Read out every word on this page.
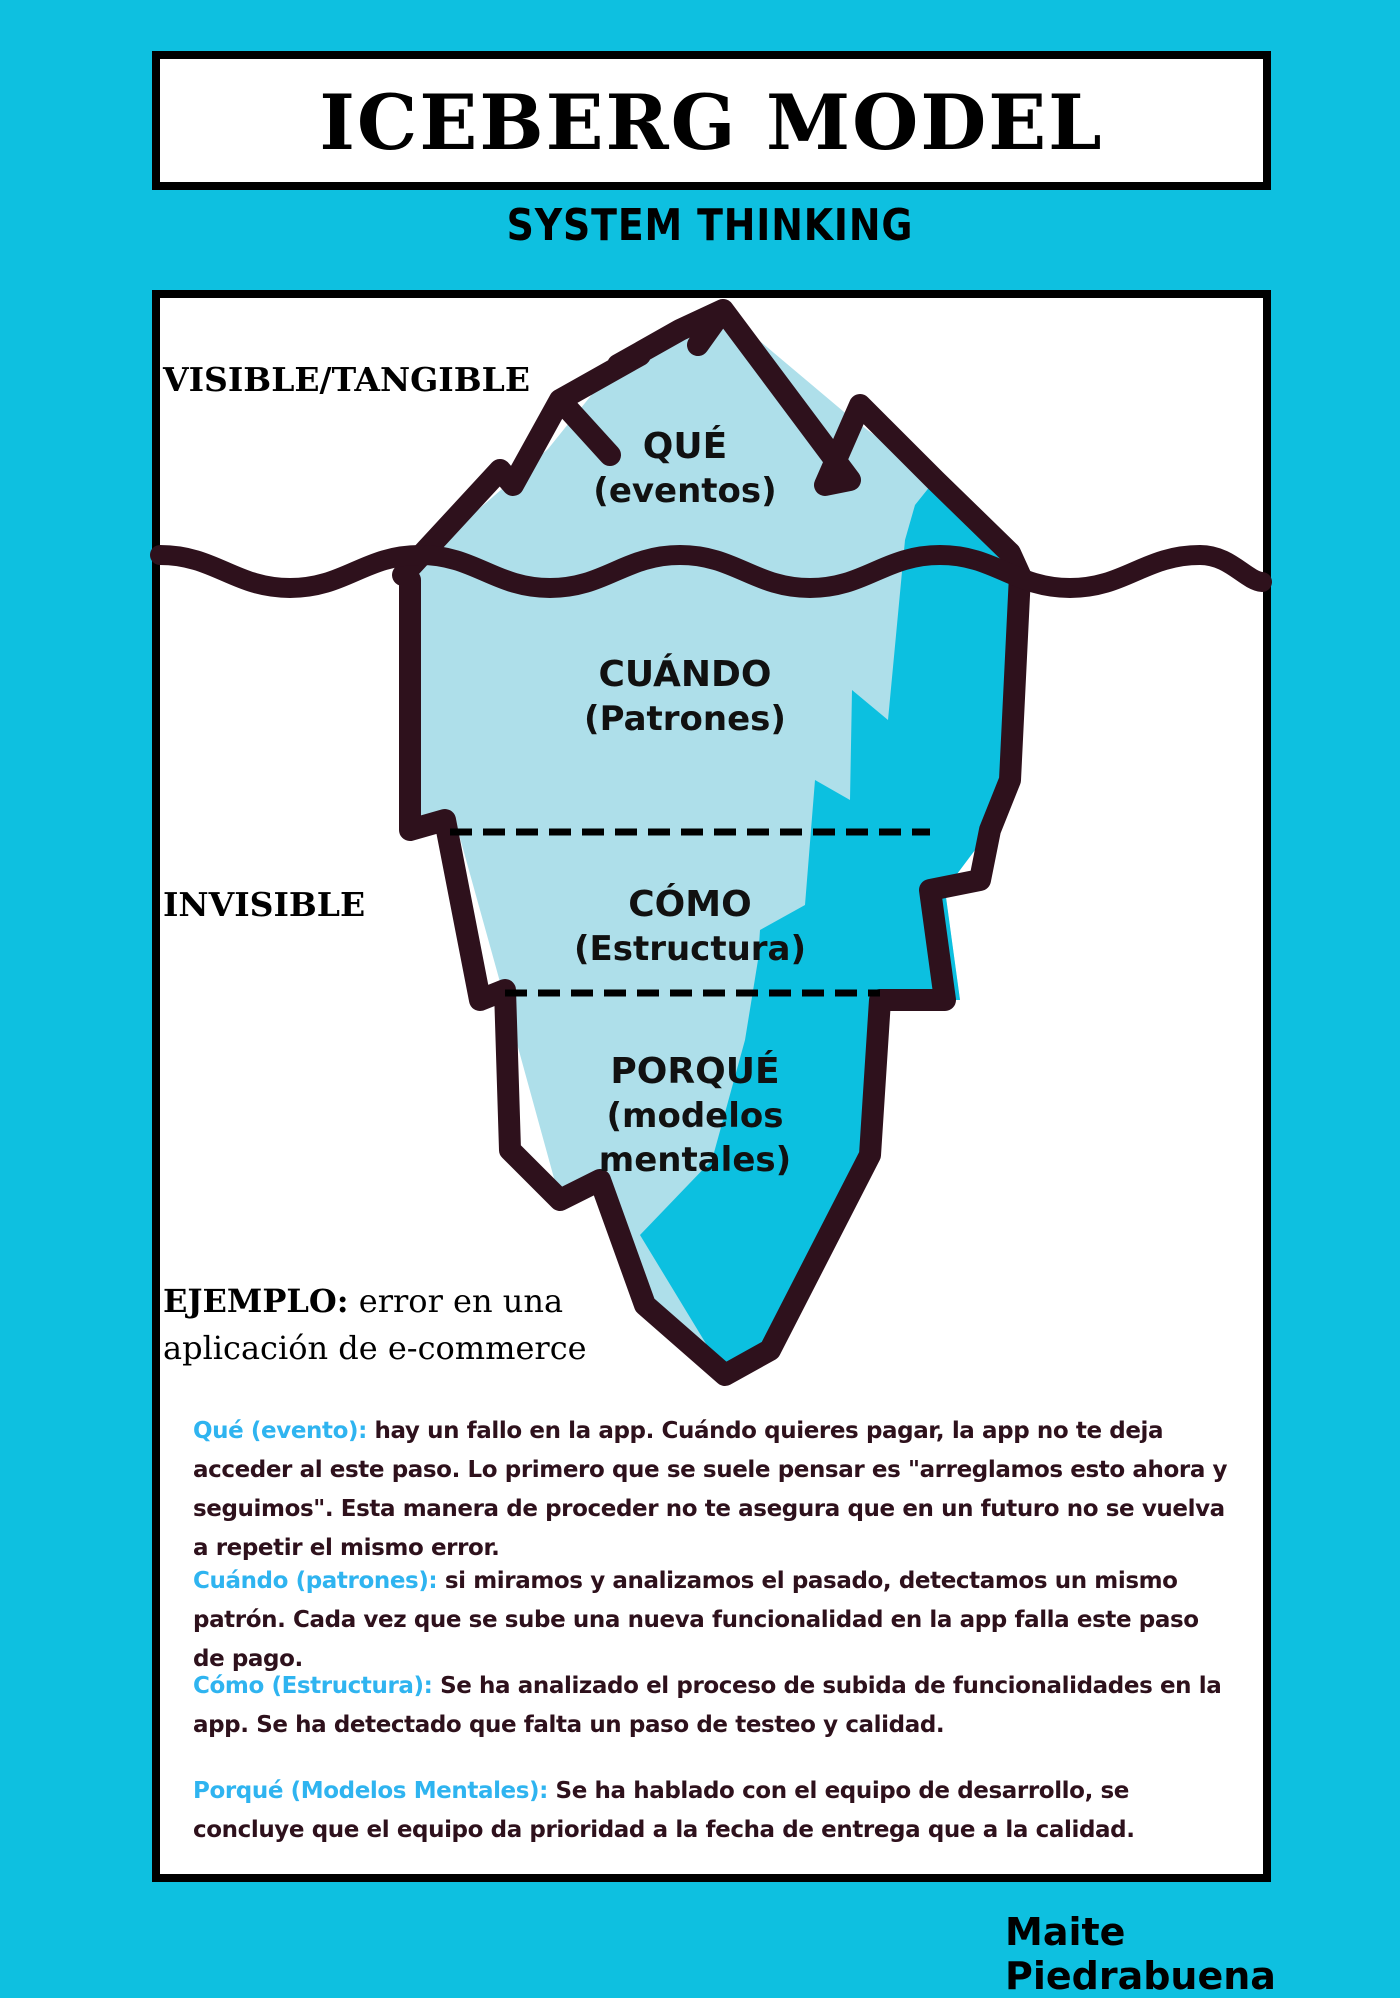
ICEBERG MODEL
SYSTEM THINKING
VISIBLE/TANGIBLE
INVISIBLE
QUÉ
(eventos)
CUÁNDO
(Patrones)
CÓMO
(Estructura)
PORQUÉ
(modelos mentales)
EJEMPLO: error en una
aplicación de e-commerce
Qué (evento): hay un fallo en la app. Cuándo quieres pagar, la app no te deja acceder al este paso. Lo primero que se suele pensar es "arreglamos esto ahora y seguimos". Esta manera de proceder no te asegura que en un futuro no se vuelva a repetir el mismo error.
Cuándo (patrones): si miramos y analizamos el pasado, detectamos un mismo patrón. Cada vez que se sube una nueva funcionalidad en la app falla este paso de pago.
Cómo (Estructura): Se ha analizado el proceso de subida de funcionalidades en la app. Se ha detectado que falta un paso de testeo y calidad.
Porqué (Modelos Mentales): Se ha hablado con el equipo de desarrollo, se concluye que el equipo da prioridad a la fecha de entrega que a la calidad.
Maite Piedrabuena
